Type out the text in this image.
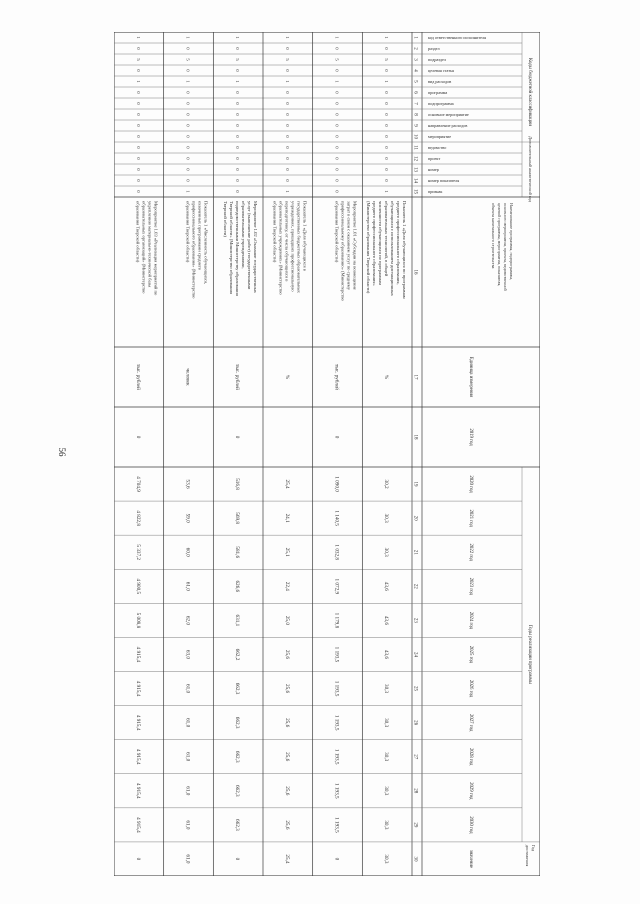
56
Коды бюджетной классификации
Дополнительный аналитический код
Наименование программы, подпрограммы,основного мероприятия, проекта, ведомственнойцелевой программы, мероприятия, показателя,объекта капитального строительства
Единица измерения
2019 год
Годы реализации программы
Годдостижения
код ответственного исполнителя
раздел
подраздел
целевая статья
вид расходов
программа
подпрограмма
основное мероприятие
направление расходов
мероприятие
ведомство
проект
номер
номер показателя
признак
2020 год
2021 год
2022 год
2023 год
2024 год
2025 год
2026 год
2027 год
2028 год
2029 год
2030 год
значение
1
2
3
4
5
6
7
8
9
10
11
12
13
14
15
16
17
18
19
20
21
22
23
24
25
26
27
28
29
30
1
0
5
0
1
0
0
0
0
0
0
0
0
0
1
Показатель 1 «Доля обучающихся по программамсреднего профессионального образования,обучающихся с использованием дистанционныхобразовательных технологий, в общейчисленности обучающихся по программамсреднего профессионального образования»(Министерство образования Тверской области)
%
30,2
30,3
30,3
43,6
43,6
43,6
30,3
30,3
30,3
30,3
30,3
30,3
1
0
5
0
1
0
0
0
0
0
0
0
0
0
0
Мероприятие 1.01 «Субсидии на возмещениезатрат в связи с оказанием услуг по среднемупрофессиональному образованию» (Министерствообразования Тверской области)
тыс. рублей
0
1 090,0
1 140,5
1 032,8
1 072,9
1 179,8
1 193,5
1 193,5
1 193,5
1 193,5
1 193,5
1 193,5
0
1
0
5
0
1
0
0
0
0
0
0
0
0
0
1
Показатель 1 «Доля обучающихся вгосударственных бюджетных образовательныхучреждениях, прошедших профессиональнуюпереподготовку, от числа обучающихся вобразовательных учреждениях» (Министерствообразования Тверской области)
%
25,4
24,1
25,1
22,4
25,0
25,6
25,6
25,6
25,6
25,6
25,6
25,4
1
0
5
0
1
0
0
0
0
0
0
0
0
0
0
Мероприятие 1.02 «Оказание государственныхуслуг (выполнение работ) государственнымиобразовательными учреждениями,подведомственными Министерству образованияТверской области» (Министерство образованияТверской области)
тыс. рублей
0
516,8
569,8
581,6
626,6
631,1
662,2
662,3
662,3
662,3
662,3
662,3
0
1
0
5
0
1
0
0
0
0
0
0
0
0
0
1
Показатель 1 «Численность обучающихся,охваченных программами среднегопрофессионального образования» (Министерствообразования Тверской области)
человек
53,6
59,0
60,0
61,0
62,0
63,0
61,0
61,0
61,0
61,0
61,0
61,0
1
0
5
0
1
0
0
0
0
0
0
0
0
0
0
Мероприятие 1.03 «Реализация мероприятий поукреплению материально-технической базыобразовательных организаций» (Министерствообразования Тверской области)
тыс. рублей
0
4 704,9
4 822,8
5 337,2
4 900,5
5 008,8
4 915,4
4 915,4
4 915,4
4 915,4
4 915,4
4 915,4
0
